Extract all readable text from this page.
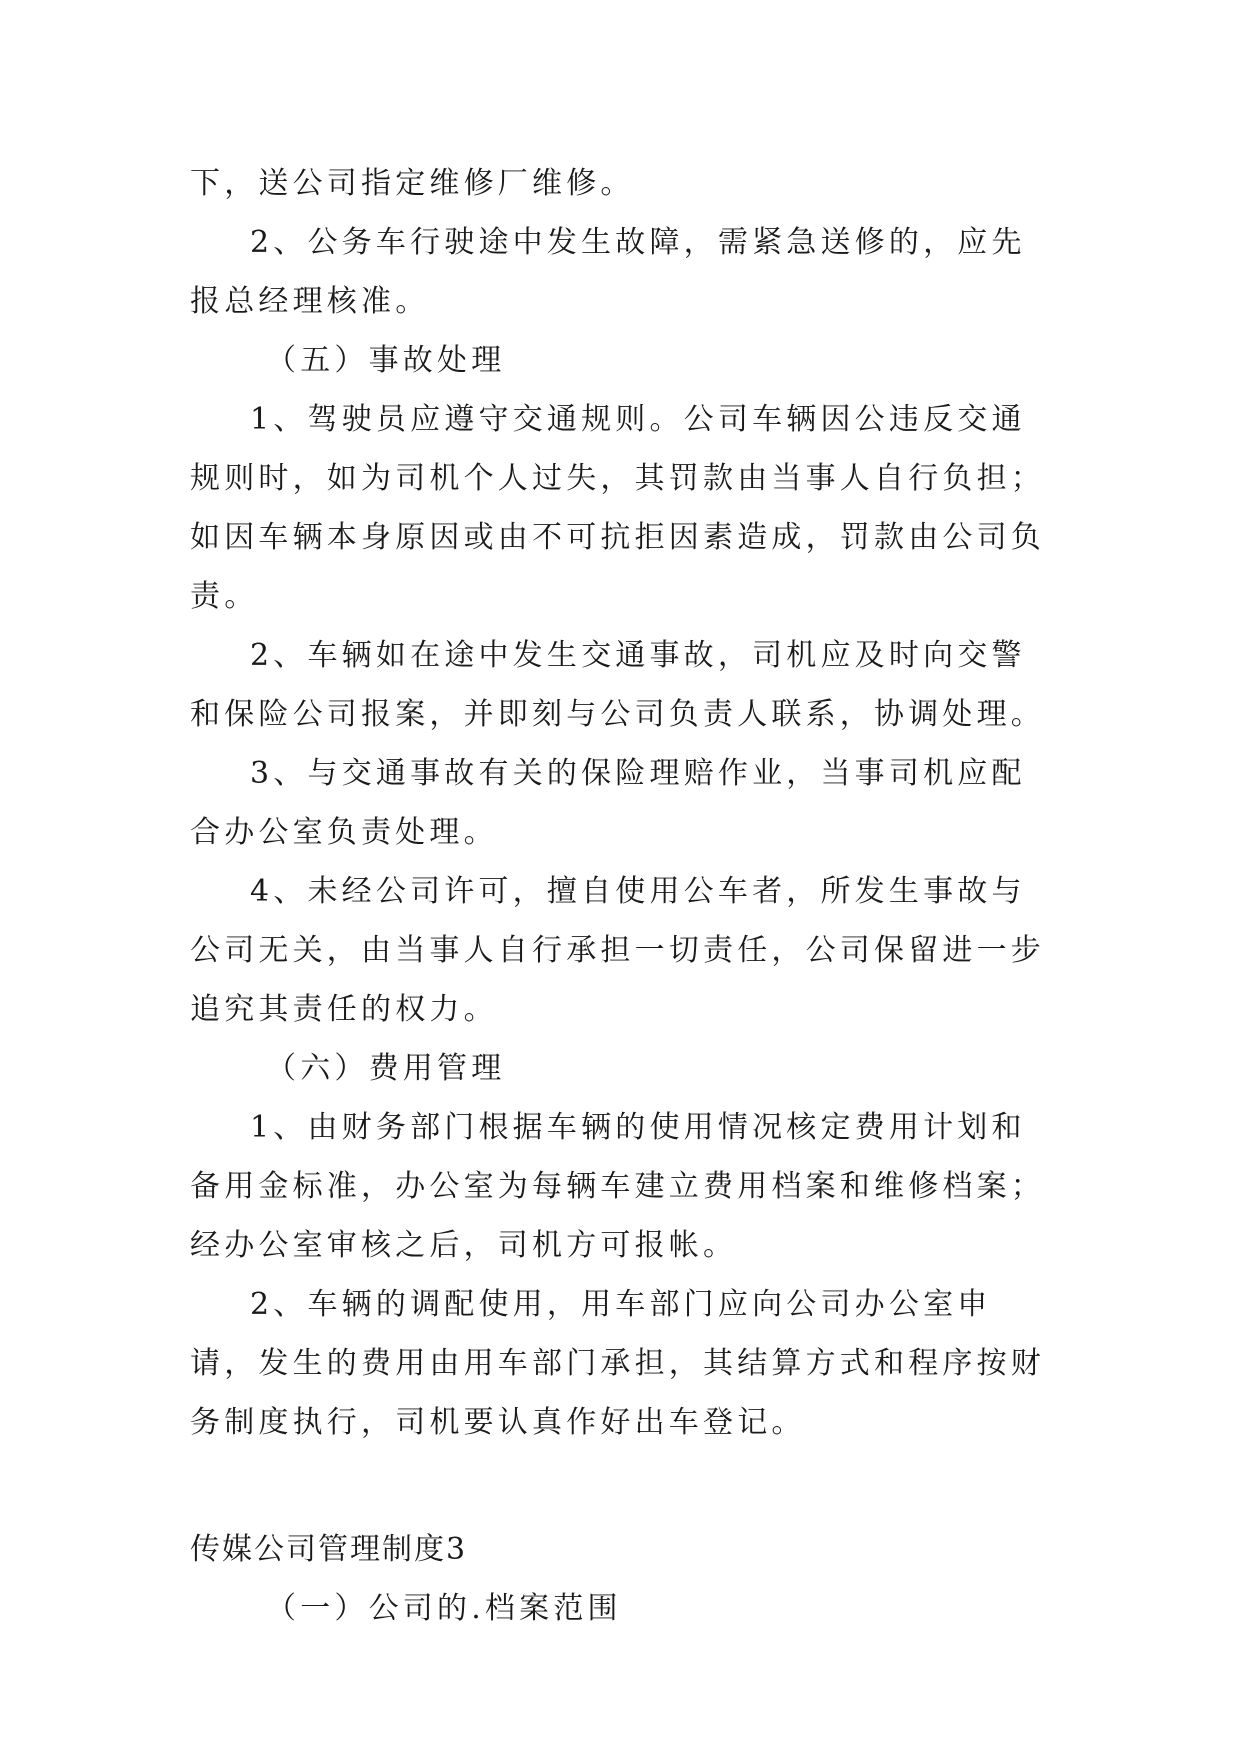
下，送公司指定维修厂维修。

2、公务车行驶途中发生故障，需紧急送修的，应先报总经理核准。

（五）事故处理

1、驾驶员应遵守交通规则。公司车辆因公违反交通规则时，如为司机个人过失，其罚款由当事人自行负担；如因车辆本身原因或由不可抗拒因素造成，罚款由公司负责。

2、车辆如在途中发生交通事故，司机应及时向交警和保险公司报案，并即刻与公司负责人联系，协调处理。

3、与交通事故有关的保险理赔作业，当事司机应配合办公室负责处理。

4、未经公司许可，擅自使用公车者，所发生事故与公司无关，由当事人自行承担一切责任，公司保留进一步追究其责任的权力。

（六）费用管理

1、由财务部门根据车辆的使用情况核定费用计划和备用金标准，办公室为每辆车建立费用档案和维修档案；经办公室审核之后，司机方可报帐。

2、车辆的调配使用，用车部门应向公司办公室申请，发生的费用由用车部门承担，其结算方式和程序按财务制度执行，司机要认真作好出车登记。

传媒公司管理制度3

（一）公司的.档案范围
